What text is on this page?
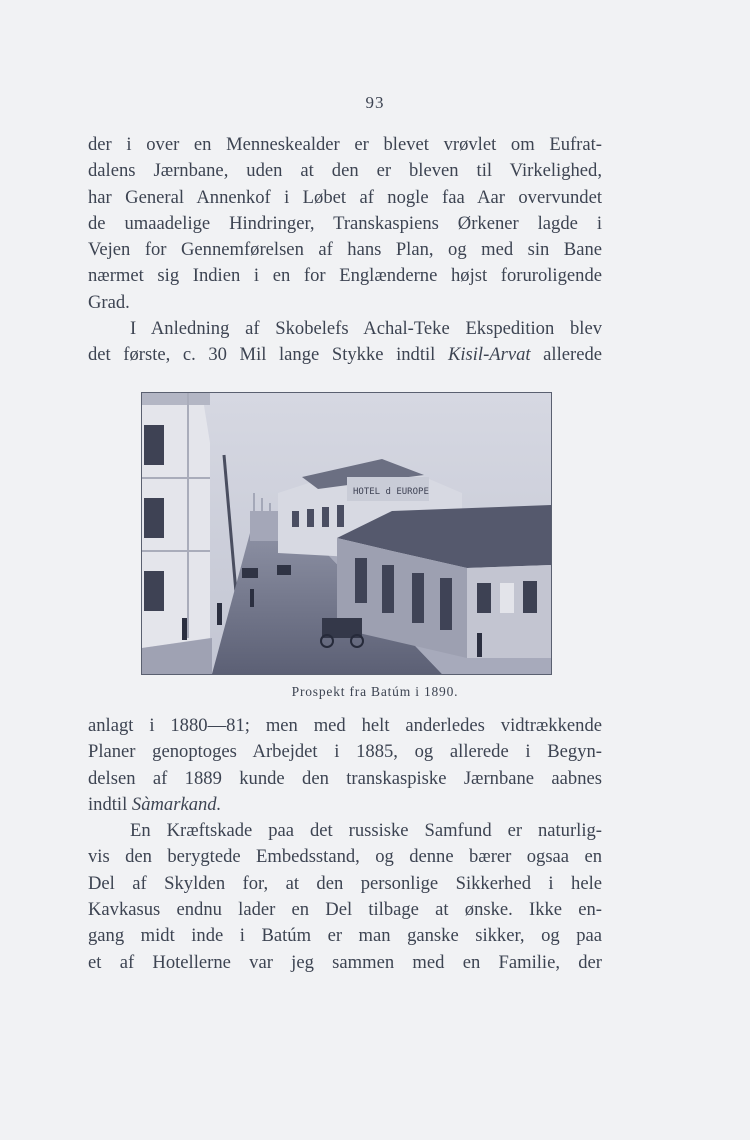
93
der i over en Menneskealder er blevet vrøvlet om Eufrat-
dalens Jærnbane, uden at den er bleven til Virkelighed,
har General Annenkof i Løbet af nogle faa Aar overvundet
de umaadelige Hindringer, Transkaspiens Ørkener lagde i
Vejen for Gennemførelsen af hans Plan, og med sin Bane
nærmet sig Indien i en for Englænderne højst foruroligende
Grad.
I Anledning af Skobelefs Achal-Teke Ekspedition blev
det første, c. 30 Mil lange Stykke indtil Kisil-Arvat allerede
HOTEL d EUROPE
Prospekt fra Batúm i 1890.
anlagt i 1880—81; men med helt anderledes vidtrækkende
Planer genoptoges Arbejdet i 1885, og allerede i Begyn-
delsen af 1889 kunde den transkaspiske Jærnbane aabnes
indtil Sàmarkand.
En Kræftskade paa det russiske Samfund er naturlig-
vis den berygtede Embedsstand, og denne bærer ogsaa en
Del af Skylden for, at den personlige Sikkerhed i hele
Kavkasus endnu lader en Del tilbage at ønske. Ikke en-
gang midt inde i Batúm er man ganske sikker, og paa
et af Hotellerne var jeg sammen med en Familie, der
